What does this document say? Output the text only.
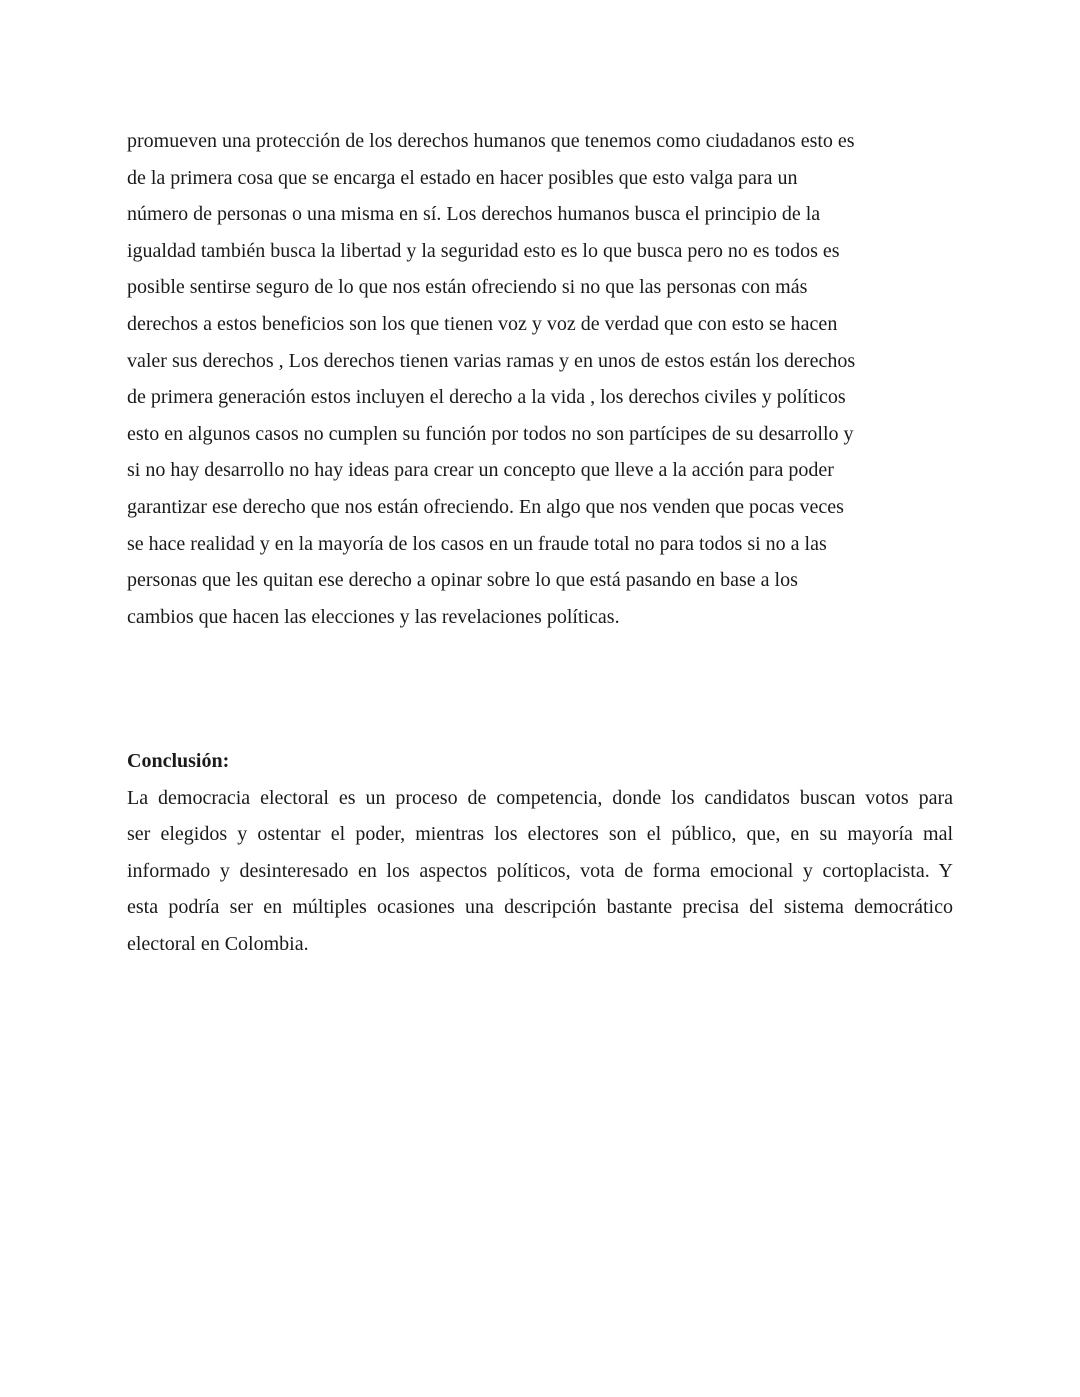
promueven una protección de los derechos humanos que tenemos como ciudadanos esto es
de la primera cosa que se encarga el estado en hacer posibles que esto valga para un
número de personas o una misma en sí. Los derechos humanos busca el principio de la
igualdad también busca la libertad y la seguridad esto es lo que busca pero no es todos es
posible sentirse seguro de lo que nos están ofreciendo si no que las personas con más
derechos a estos beneficios son los que tienen voz y voz de verdad que con esto se hacen
valer sus derechos , Los derechos tienen varias ramas y en unos de estos están los derechos
de primera generación estos incluyen el derecho a la vida , los derechos civiles y políticos
esto en algunos casos no cumplen su función por todos no son partícipes de su desarrollo y
si no hay desarrollo no hay ideas para crear un concepto que lleve a la acción para poder
garantizar ese derecho que nos están ofreciendo. En algo que nos venden que pocas veces
se hace realidad y en la mayoría de los casos en un fraude total no para todos si no a las
personas que les quitan ese derecho a opinar sobre lo que está pasando en base a los
cambios que hacen las elecciones y las revelaciones políticas.

Conclusión:

La democracia electoral es un proceso de competencia, donde los candidatos buscan votos para
ser elegidos y ostentar el poder, mientras los electores son el público, que, en su mayoría mal
informado y desinteresado en los aspectos políticos, vota de forma emocional y cortoplacista. Y
esta podría ser en múltiples ocasiones una descripción bastante precisa del sistema democrático
electoral en Colombia.
